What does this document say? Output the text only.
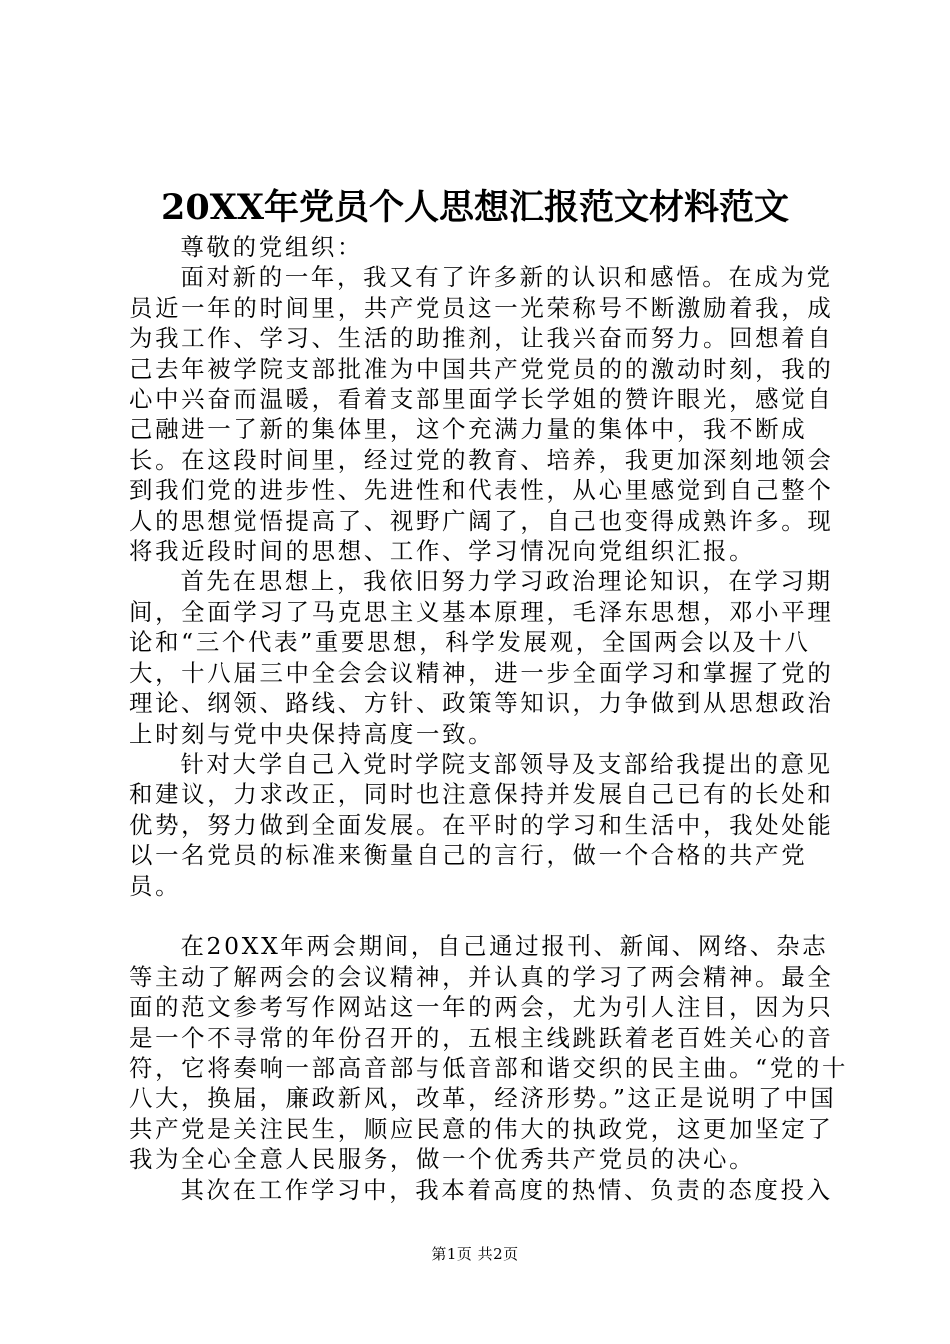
20XX年党员个人思想汇报范文材料范文

尊敬的党组织：

面对新的一年，我又有了许多新的认识和感悟。在成为党员近一年的时间里，共产党员这一光荣称号不断激励着我，成为我工作、学习、生活的助推剂，让我兴奋而努力。回想着自己去年被学院支部批准为中国共产党党员的的激动时刻，我的心中兴奋而温暖，看着支部里面学长学姐的赞许眼光，感觉自己融进一了新的集体里，这个充满力量的集体中，我不断成长。在这段时间里，经过党的教育、培养，我更加深刻地领会到我们党的进步性、先进性和代表性，从心里感觉到自己整个人的思想觉悟提高了、视野广阔了，自己也变得成熟许多。现将我近段时间的思想、工作、学习情况向党组织汇报。

首先在思想上，我依旧努力学习政治理论知识，在学习期间，全面学习了马克思主义基本原理，毛泽东思想，邓小平理论和“三个代表”重要思想，科学发展观，全国两会以及十八大，十八届三中全会会议精神，进一步全面学习和掌握了党的理论、纲领、路线、方针、政策等知识，力争做到从思想政治上时刻与党中央保持高度一致。

针对大学自己入党时学院支部领导及支部给我提出的意见和建议，力求改正，同时也注意保持并发展自己已有的长处和优势，努力做到全面发展。在平时的学习和生活中，我处处能以一名党员的标准来衡量自己的言行，做一个合格的共产党员。

在20XX年两会期间，自己通过报刊、新闻、网络、杂志等主动了解两会的会议精神，并认真的学习了两会精神。最全面的范文参考写作网站这一年的两会，尤为引人注目，因为只是一个不寻常的年份召开的，五根主线跳跃着老百姓关心的音符，它将奏响一部高音部与低音部和谐交织的民主曲。“党的十八大，换届，廉政新风，改革，经济形势。”这正是说明了中国共产党是关注民生，顺应民意的伟大的执政党，这更加坚定了我为全心全意人民服务，做一个优秀共产党员的决心。

其次在工作学习中，我本着高度的热情、负责的态度投入

第1页 共2页
